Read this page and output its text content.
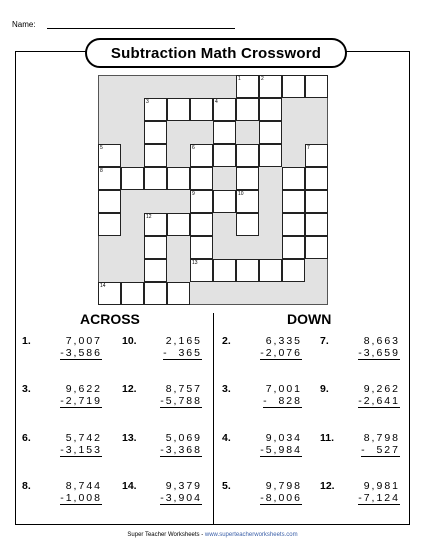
Name:
Subtraction Math Crossword
1	2
3	4
5	6	7
8
9	10
12
13
14
ACROSS	DOWN
1.	7,007
-3,586
10.	2,165
-  365
2.	6,335
-2,076
7.	8,663
-3,659
3.	9,622
-2,719
12.	8,757
-5,788
3.	7,001
-  828
9.	9,262
-2,641
6.	5,742
-3,153
13.	5,069
-3,368
4.	9,034
-5,984
11.	8,798
-  527
8.	8,744
-1,008
14.	9,379
-3,904
5.	9,798
-8,006
12.	9,981
-7,124
Super Teacher Worksheets - www.superteacherworksheets.com
